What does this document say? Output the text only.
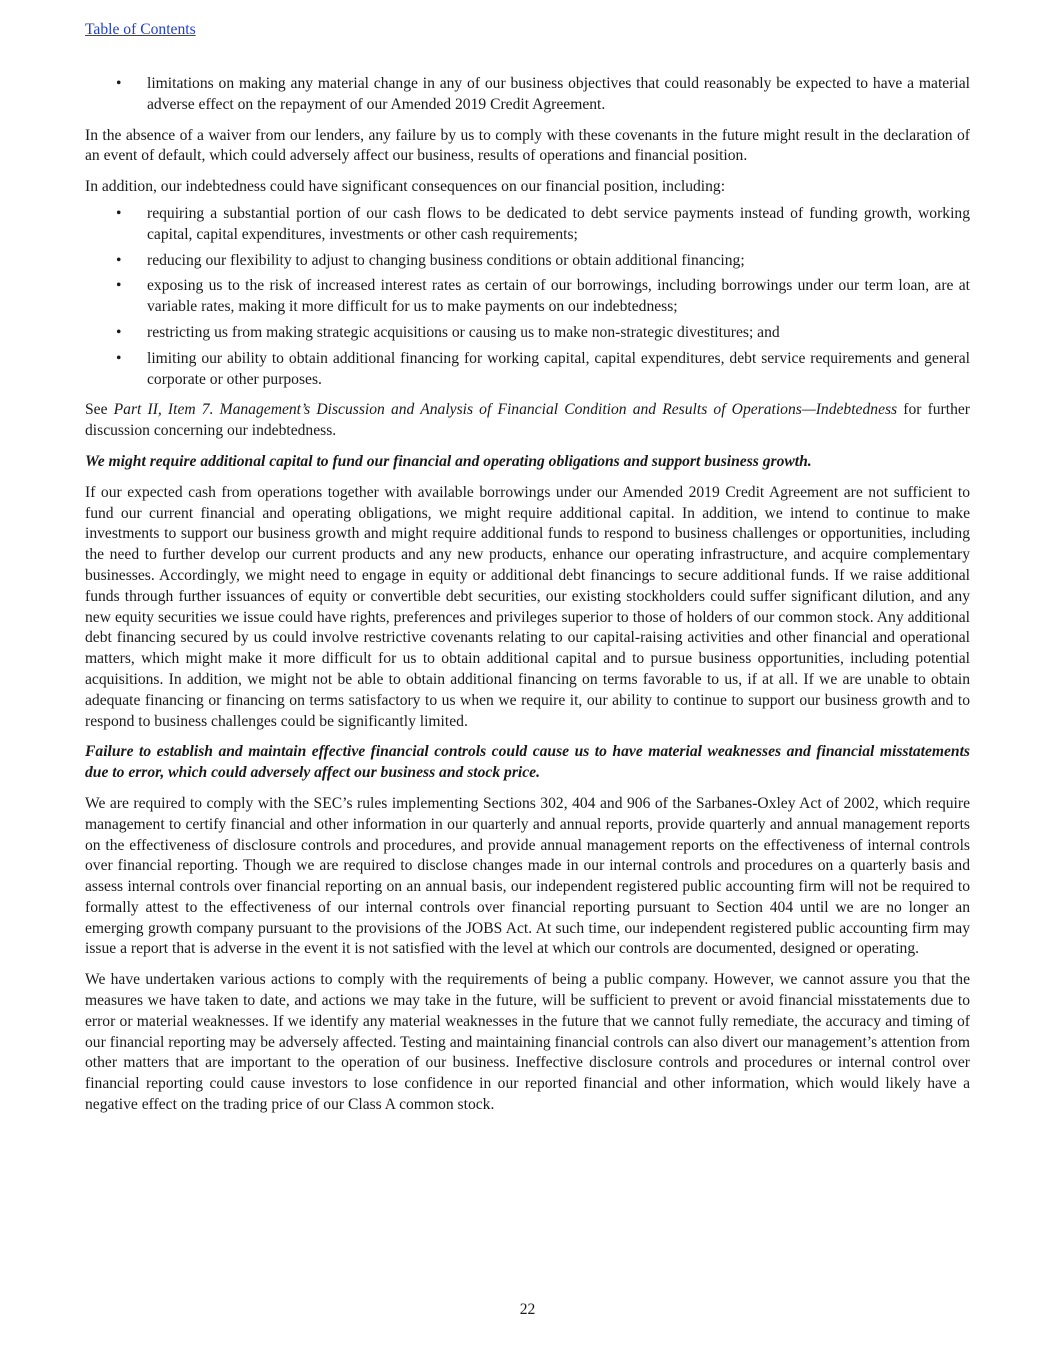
Table of Contents
• limitations on making any material change in any of our business objectives that could reasonably be expected to have a material adverse effect on the repayment of our Amended 2019 Credit Agreement.

In the absence of a waiver from our lenders, any failure by us to comply with these covenants in the future might result in the declaration of an event of default, which could adversely affect our business, results of operations and financial position.

In addition, our indebtedness could have significant consequences on our financial position, including:

• requiring a substantial portion of our cash flows to be dedicated to debt service payments instead of funding growth, working capital, capital expenditures, investments or other cash requirements;
• reducing our flexibility to adjust to changing business conditions or obtain additional financing;
• exposing us to the risk of increased interest rates as certain of our borrowings, including borrowings under our term loan, are at variable rates, making it more difficult for us to make payments on our indebtedness;
• restricting us from making strategic acquisitions or causing us to make non-strategic divestitures; and
• limiting our ability to obtain additional financing for working capital, capital expenditures, debt service requirements and general corporate or other purposes.

See Part II, Item 7. Management’s Discussion and Analysis of Financial Condition and Results of Operations—Indebtedness for further discussion concerning our indebtedness.

We might require additional capital to fund our financial and operating obligations and support business growth.

If our expected cash from operations together with available borrowings under our Amended 2019 Credit Agreement are not sufficient to fund our current financial and operating obligations, we might require additional capital. In addition, we intend to continue to make investments to support our business growth and might require additional funds to respond to business challenges or opportunities, including the need to further develop our current products and any new products, enhance our operating infrastructure, and acquire complementary businesses. Accordingly, we might need to engage in equity or additional debt financings to secure additional funds. If we raise additional funds through further issuances of equity or convertible debt securities, our existing stockholders could suffer significant dilution, and any new equity securities we issue could have rights, preferences and privileges superior to those of holders of our common stock. Any additional debt financing secured by us could involve restrictive covenants relating to our capital-raising activities and other financial and operational matters, which might make it more difficult for us to obtain additional capital and to pursue business opportunities, including potential acquisitions. In addition, we might not be able to obtain additional financing on terms favorable to us, if at all. If we are unable to obtain adequate financing or financing on terms satisfactory to us when we require it, our ability to continue to support our business growth and to respond to business challenges could be significantly limited.

Failure to establish and maintain effective financial controls could cause us to have material weaknesses and financial misstatements due to error, which could adversely affect our business and stock price.

We are required to comply with the SEC’s rules implementing Sections 302, 404 and 906 of the Sarbanes-Oxley Act of 2002, which require management to certify financial and other information in our quarterly and annual reports, provide quarterly and annual management reports on the effectiveness of disclosure controls and procedures, and provide annual management reports on the effectiveness of internal controls over financial reporting. Though we are required to disclose changes made in our internal controls and procedures on a quarterly basis and assess internal controls over financial reporting on an annual basis, our independent registered public accounting firm will not be required to formally attest to the effectiveness of our internal controls over financial reporting pursuant to Section 404 until we are no longer an emerging growth company pursuant to the provisions of the JOBS Act. At such time, our independent registered public accounting firm may issue a report that is adverse in the event it is not satisfied with the level at which our controls are documented, designed or operating.

We have undertaken various actions to comply with the requirements of being a public company. However, we cannot assure you that the measures we have taken to date, and actions we may take in the future, will be sufficient to prevent or avoid financial misstatements due to error or material weaknesses. If we identify any material weaknesses in the future that we cannot fully remediate, the accuracy and timing of our financial reporting may be adversely affected. Testing and maintaining financial controls can also divert our management’s attention from other matters that are important to the operation of our business. Ineffective disclosure controls and procedures or internal control over financial reporting could cause investors to lose confidence in our reported financial and other information, which would likely have a negative effect on the trading price of our Class A common stock.

22
